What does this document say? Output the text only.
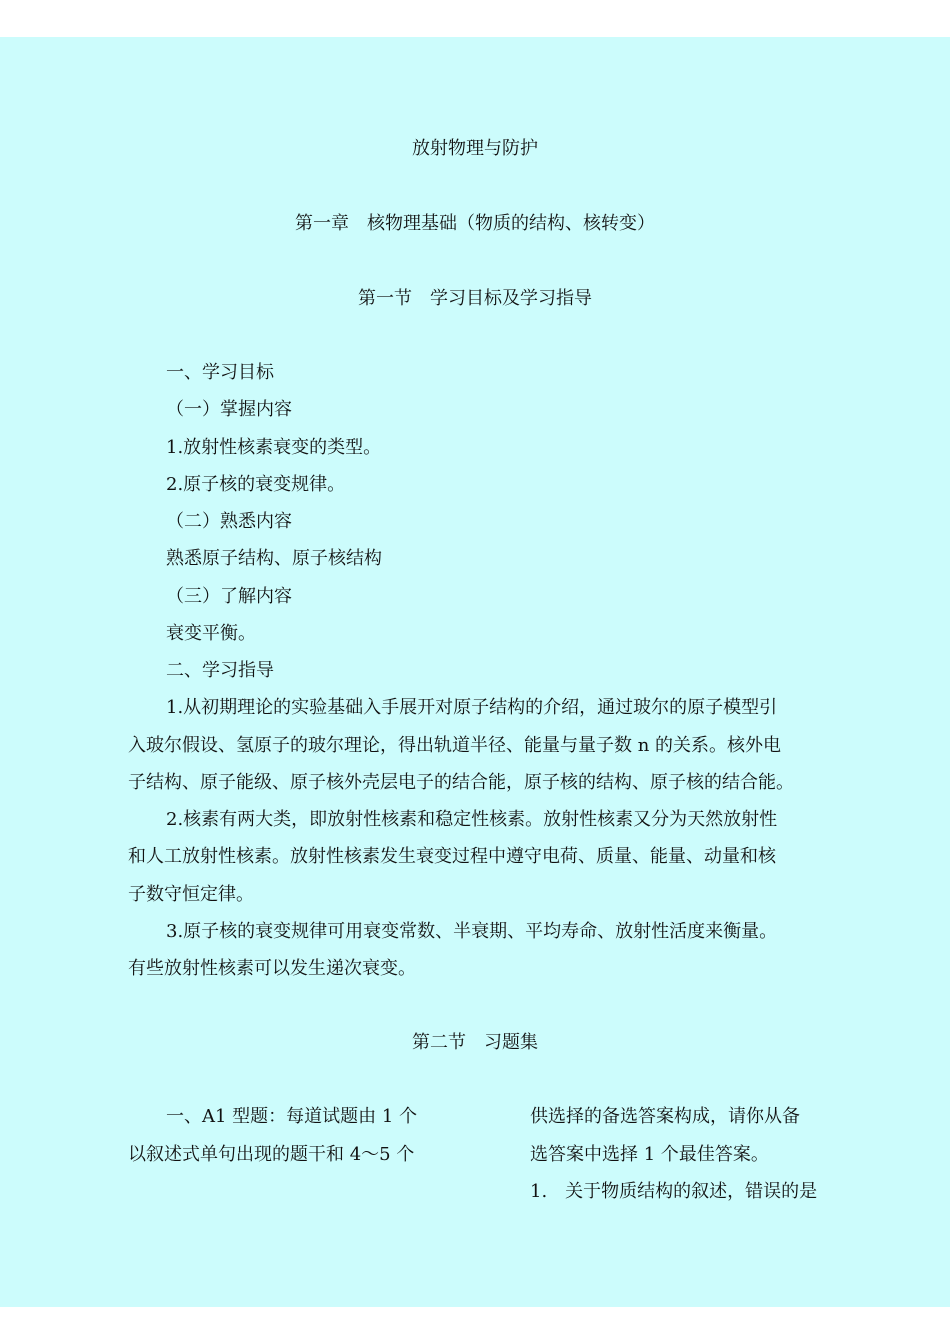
放射物理与防护
第一章　核物理基础（物质的结构、核转变）
第一节　学习目标及学习指导
一、学习目标
（一）掌握内容
1.放射性核素衰变的类型。
2.原子核的衰变规律。
（二）熟悉内容
熟悉原子结构、原子核结构
（三）了解内容
衰变平衡。
二、学习指导
1.从初期理论的实验基础入手展开对原子结构的介绍，通过玻尔的原子模型引
入玻尔假设、氢原子的玻尔理论，得出轨道半径、能量与量子数 n 的关系。核外电
子结构、原子能级、原子核外壳层电子的结合能，原子核的结构、原子核的结合能。
2.核素有两大类，即放射性核素和稳定性核素。放射性核素又分为天然放射性
和人工放射性核素。放射性核素发生衰变过程中遵守电荷、质量、能量、动量和核
子数守恒定律。
3.原子核的衰变规律可用衰变常数、半衰期、平均寿命、放射性活度来衡量。
有些放射性核素可以发生递次衰变。
第二节　习题集
一、A1 型题：每道试题由 1 个
以叙述式单句出现的题干和 4～5 个
供选择的备选答案构成，请你从备
选答案中选择 1 个最佳答案。
1.　关于物质结构的叙述，错误的是
